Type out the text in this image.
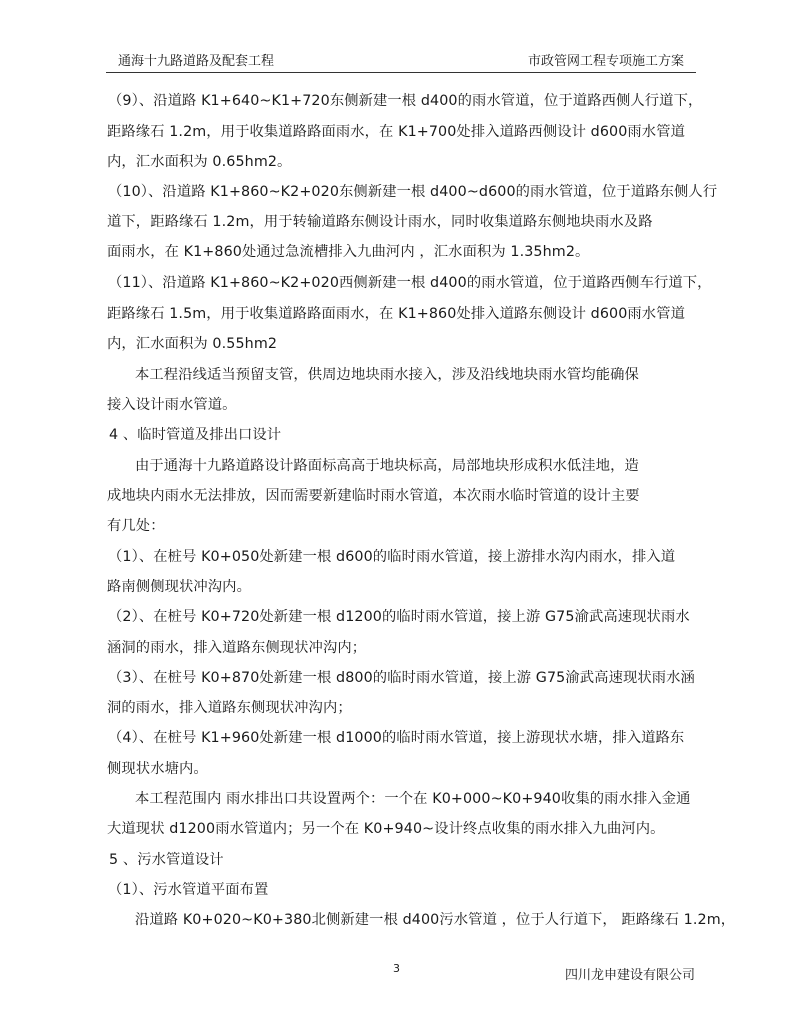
通海十九路道路及配套工程	市政管网工程专项施工方案
（9）、沿道路 K1+640~K1+720东侧新建一根 d400的雨水管道，位于道路西侧人行道下，
距路缘石 1.2m，用于收集道路路面雨水，在 K1+700处排入道路西侧设计 d600雨水管道
内，汇水面积为 0.65hm2。
（10）、沿道路 K1+860~K2+020东侧新建一根 d400~d600的雨水管道，位于道路东侧人行
道下，距路缘石 1.2m，用于转输道路东侧设计雨水，同时收集道路东侧地块雨水及路
面雨水，在 K1+860处通过急流槽排入九曲河内 ，汇水面积为 1.35hm2。
（11）、沿道路 K1+860~K2+020西侧新建一根 d400的雨水管道，位于道路西侧车行道下，
距路缘石 1.5m，用于收集道路路面雨水，在 K1+860处排入道路东侧设计 d600雨水管道
内，汇水面积为 0.55hm2
本工程沿线适当预留支管，供周边地块雨水接入，涉及沿线地块雨水管均能确保
接入设计雨水管道。
4 、临时管道及排出口设计
由于通海十九路道路设计路面标高高于地块标高，局部地块形成积水低洼地，造
成地块内雨水无法排放，因而需要新建临时雨水管道，本次雨水临时管道的设计主要
有几处：
（1）、在桩号 K0+050处新建一根 d600的临时雨水管道，接上游排水沟内雨水，排入道
路南侧侧现状冲沟内。
（2）、在桩号 K0+720处新建一根 d1200的临时雨水管道，接上游 G75渝武高速现状雨水
涵洞的雨水，排入道路东侧现状冲沟内；
（3）、在桩号 K0+870处新建一根 d800的临时雨水管道，接上游 G75渝武高速现状雨水涵
洞的雨水，排入道路东侧现状冲沟内；
（4）、在桩号 K1+960处新建一根 d1000的临时雨水管道，接上游现状水塘，排入道路东
侧现状水塘内。
本工程范围内 雨水排出口共设置两个：一个在 K0+000~K0+940收集的雨水排入金通
大道现状 d1200雨水管道内；另一个在 K0+940~设计终点收集的雨水排入九曲河内。
5 、污水管道设计
（1）、污水管道平面布置
沿道路 K0+020~K0+380北侧新建一根 d400污水管道 ，位于人行道下， 距路缘石 1.2m，
3	四川龙申建设有限公司
